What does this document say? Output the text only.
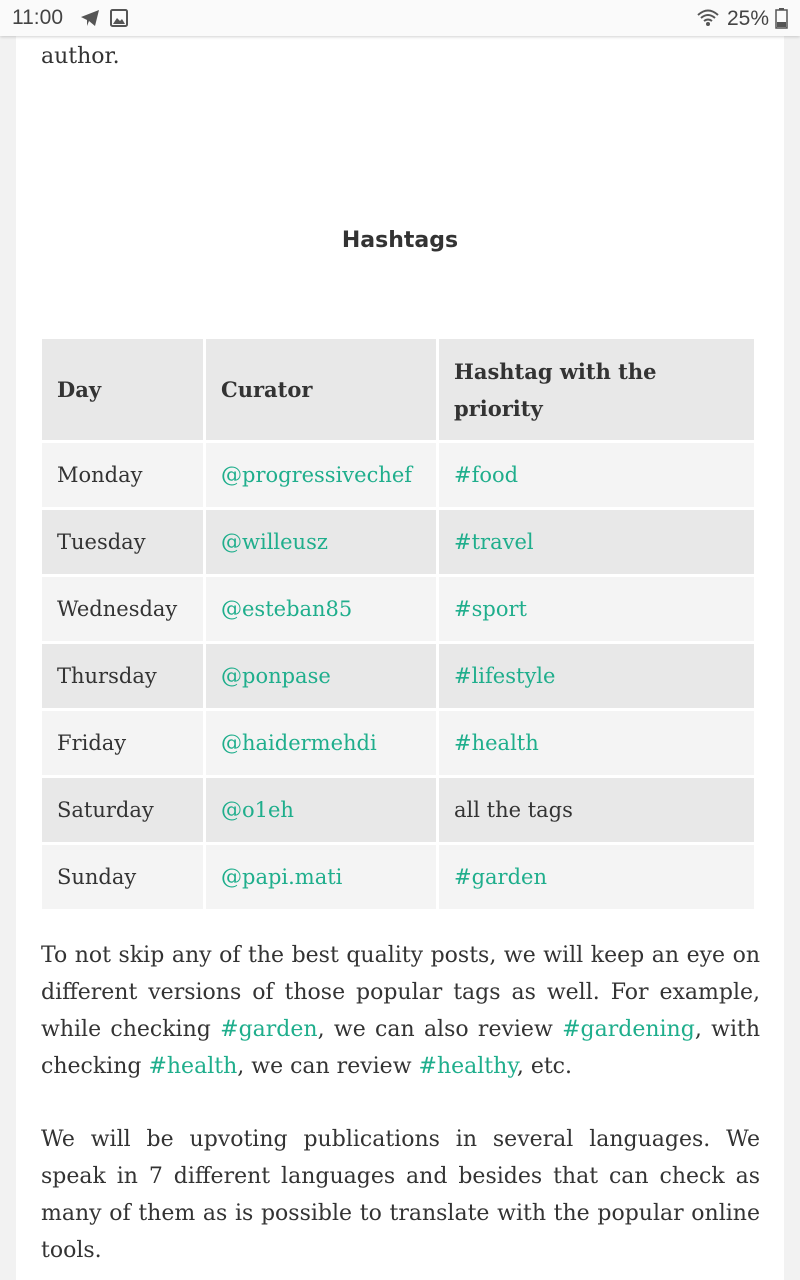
11:00	25%
author.
Hashtags
Day	Curator	Hashtag with the priority
Monday	@progressivechef	#food
Tuesday	@willeusz	#travel
Wednesday	@esteban85	#sport
Thursday	@ponpase	#lifestyle
Friday	@haidermehdi	#health
Saturday	@o1eh	all the tags
Sunday	@papi.mati	#garden

To not skip any of the best quality posts, we will keep an eye on different versions of those popular tags as well. For example, while checking #garden, we can also review #gardening, with checking #health, we can review #healthy, etc.

We will be upvoting publications in several languages. We speak in 7 different languages and besides that can check as many of them as is possible to translate with the popular online tools.
